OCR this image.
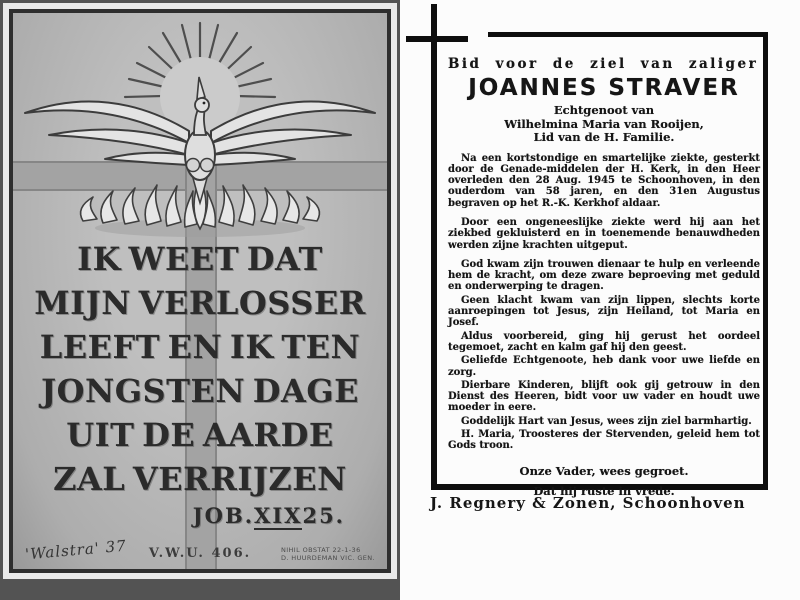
IK WEET DAT
MIJN VERLOSSER
LEEFT EN IK TEN
JONGSTEN DAGE
UIT DE AARDE
ZAL VERRIJZEN
JOB.XIX25.
'Walstra' 37	V.W.U. 406.	NIHIL OBSTAT 22-1-36
D. HUURDEMAN VIC. GEN.
Bid voor de ziel van zaliger
JOANNES STRAVER
Echtgenoot van
Wilhelmina Maria van Rooijen,
Lid van de H. Familie.

Na een kortstondige en smartelijke ziekte, gesterkt door de Genade-middelen der H. Kerk, in den Heer overleden den 28 Aug. 1945 te Schoonhoven, in den ouderdom van 58 jaren, en den 31en Augustus begraven op het R.-K. Kerkhof aldaar.

Door een ongeneeslijke ziekte werd hij aan het ziekbed gekluisterd en in toenemende benauwdheden werden zijne krachten uitgeput.

God kwam zijn trouwen dienaar te hulp en verleende hem de kracht, om deze zware beproeving met geduld en onderwerping te dragen.

Geen klacht kwam van zijn lippen, slechts korte aanroepingen tot Jesus, zijn Heiland, tot Maria en Josef.

Aldus voorbereid, ging hij gerust het oordeel tegemoet, zacht en kalm gaf hij den geest.

Geliefde Echtgenoote, heb dank voor uwe liefde en zorg.

Dierbare Kinderen, blijft ook gij getrouw in den Dienst des Heeren, bidt voor uw vader en houdt uwe moeder in eere.

Goddelijk Hart van Jesus, wees zijn ziel barmhartig.

H. Maria, Troosteres der Stervenden, geleid hem tot Gods troon.

Onze Vader, wees gegroet.
Dat hij ruste in vrede.
J. Regnery & Zonen, Schoonhoven
